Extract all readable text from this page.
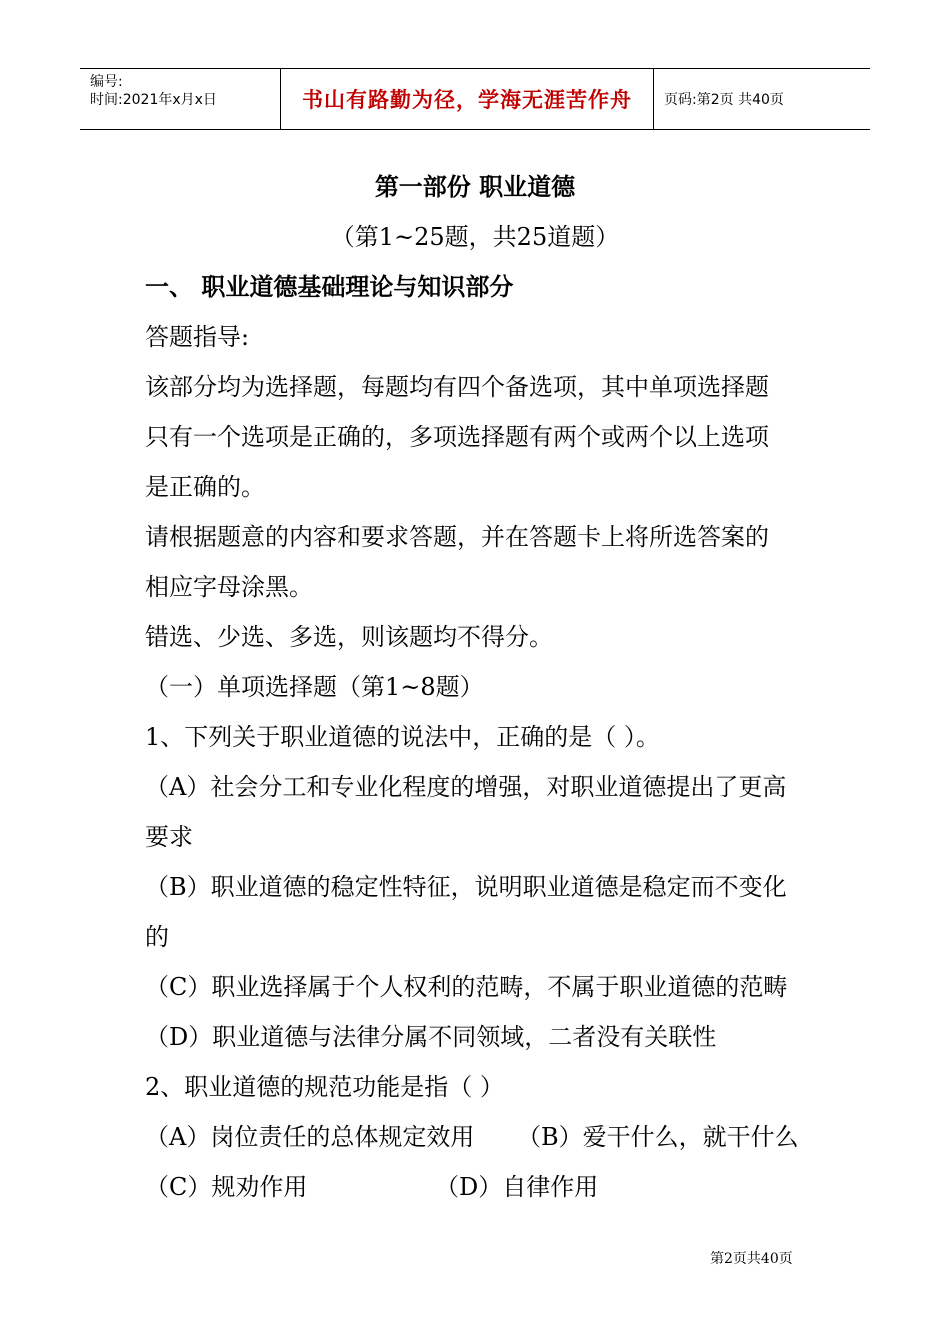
编号:
时间:2021年x月x日	书山有路勤为径，学海无涯苦作舟	页码:第2页 共40页
第一部份 职业道德
（第1~25题，共25道题）
一、 职业道德基础理论与知识部分
答题指导:
该部分均为选择题，每题均有四个备选项，其中单项选择题
只有一个选项是正确的，多项选择题有两个或两个以上选项
是正确的。
请根据题意的内容和要求答题，并在答题卡上将所选答案的
相应字母涂黑。
错选、少选、多选，则该题均不得分。
（一）单项选择题（第1~8题）
1、下列关于职业道德的说法中，正确的是（ ）。
（A）社会分工和专业化程度的增强，对职业道德提出了更高
要求
（B）职业道德的稳定性特征，说明职业道德是稳定而不变化
的
（C）职业选择属于个人权利的范畴，不属于职业道德的范畴
（D）职业道德与法律分属不同领域，二者没有关联性
2、职业道德的规范功能是指（ ）
（A）岗位责任的总体规定效用	（B）爱干什么，就干什么
（C）规劝作用	（D）自律作用
第2页共40页
